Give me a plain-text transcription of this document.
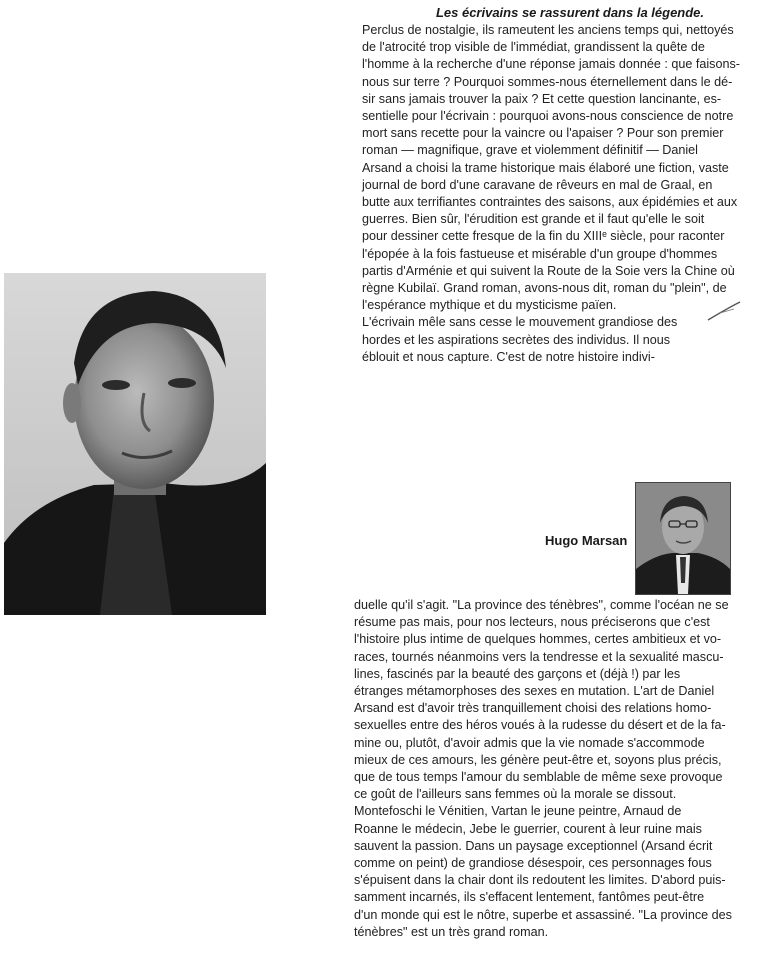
Les écrivains se rassurent dans la légende.

Perclus de nostalgie, ils rameutent les anciens temps qui, nettoyés
de l'atrocité trop visible de l'immédiat, grandissent la quête de
l'homme à la recherche d'une réponse jamais donnée : que faisons-
nous sur terre ? Pourquoi sommes-nous éternellement dans le dé-
sir sans jamais trouver la paix ? Et cette question lancinante, es-
sentielle pour l'écrivain : pourquoi avons-nous conscience de notre
mort sans recette pour la vaincre ou l'apaiser ? Pour son premier
roman — magnifique, grave et violemment définitif — Daniel
Arsand a choisi la trame historique mais élaboré une fiction, vaste
journal de bord d'une caravane de rêveurs en mal de Graal, en
butte aux terrifiantes contraintes des saisons, aux épidémies et aux
guerres. Bien sûr, l'érudition est grande et il faut qu'elle le soit
pour dessiner cette fresque de la fin du XIIIᵉ siècle, pour raconter
l'épopée à la fois fastueuse et misérable d'un groupe d'hommes
partis d'Arménie et qui suivent la Route de la Soie vers la Chine où
règne Kubilaï. Grand roman, avons-nous dit, roman du "plein", de
l'espérance mythique et du mysticisme païen.

L'écrivain mêle sans cesse le mouvement grandiose des
hordes et les aspirations secrètes des individus. Il nous
éblouit et nous capture. C'est de notre histoire indivi-

Hugo Marsan

duelle qu'il s'agit. "La province des ténèbres", comme l'océan ne se
résume pas mais, pour nos lecteurs, nous préciserons que c'est
l'histoire plus intime de quelques hommes, certes ambitieux et vo-
races, tournés néanmoins vers la tendresse et la sexualité mascu-
lines, fascinés par la beauté des garçons et (déjà !) par les
étranges métamorphoses des sexes en mutation. L'art de Daniel
Arsand est d'avoir très tranquillement choisi des relations homo-
sexuelles entre des héros voués à la rudesse du désert et de la fa-
mine ou, plutôt, d'avoir admis que la vie nomade s'accommode
mieux de ces amours, les génère peut-être et, soyons plus précis,
que de tous temps l'amour du semblable de même sexe provoque
ce goût de l'ailleurs sans femmes où la morale se dissout.
Montefoschi le Vénitien, Vartan le jeune peintre, Arnaud de
Roanne le médecin, Jebe le guerrier, courent à leur ruine mais
sauvent la passion. Dans un paysage exceptionnel (Arsand écrit
comme on peint) de grandiose désespoir, ces personnages fous
s'épuisent dans la chair dont ils redoutent les limites. D'abord puis-
samment incarnés, ils s'effacent lentement, fantômes peut-être
d'un monde qui est le nôtre, superbe et assassiné. "La province des
ténèbres" est un très grand roman.
